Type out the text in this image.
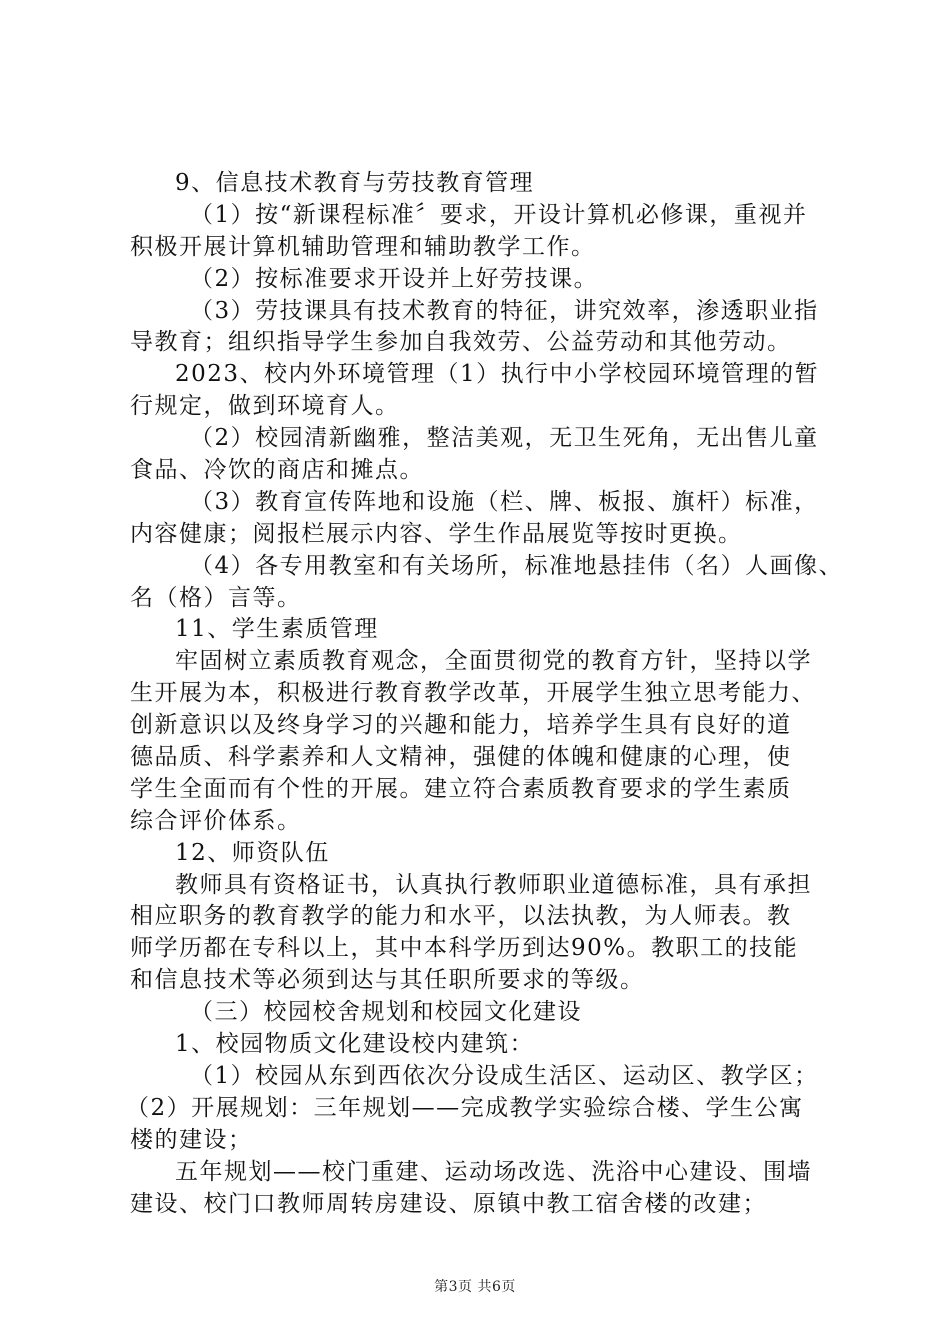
9、信息技术教育与劳技教育管理
（1）按“新课程标准〞要求，开设计算机必修课，重视并
积极开展计算机辅助管理和辅助教学工作。
（2）按标准要求开设并上好劳技课。
（3）劳技课具有技术教育的特征，讲究效率，渗透职业指
导教育；组织指导学生参加自我效劳、公益劳动和其他劳动。
2023、校内外环境管理（1）执行中小学校园环境管理的暂
行规定，做到环境育人。
（2）校园清新幽雅，整洁美观，无卫生死角，无出售儿童
食品、冷饮的商店和摊点。
（3）教育宣传阵地和设施（栏、牌、板报、旗杆）标准，
内容健康；阅报栏展示内容、学生作品展览等按时更换。
（4）各专用教室和有关场所，标准地悬挂伟（名）人画像、
名（格）言等。
11、学生素质管理
牢固树立素质教育观念，全面贯彻党的教育方针，坚持以学
生开展为本，积极进行教育教学改革，开展学生独立思考能力、
创新意识以及终身学习的兴趣和能力，培养学生具有良好的道
德品质、科学素养和人文精神，强健的体魄和健康的心理，使
学生全面而有个性的开展。建立符合素质教育要求的学生素质
综合评价体系。
12、师资队伍
教师具有资格证书，认真执行教师职业道德标准，具有承担
相应职务的教育教学的能力和水平，以法执教，为人师表。教
师学历都在专科以上，其中本科学历到达90%。教职工的技能
和信息技术等必须到达与其任职所要求的等级。
（三）校园校舍规划和校园文化建设
1、校园物质文化建设校内建筑：
（1）校园从东到西依次分设成生活区、运动区、教学区；
（2）开展规划：三年规划——完成教学实验综合楼、学生公寓
楼的建设；
五年规划——校门重建、运动场改选、洗浴中心建设、围墙
建设、校门口教师周转房建设、原镇中教工宿舍楼的改建；
第3页 共6页
